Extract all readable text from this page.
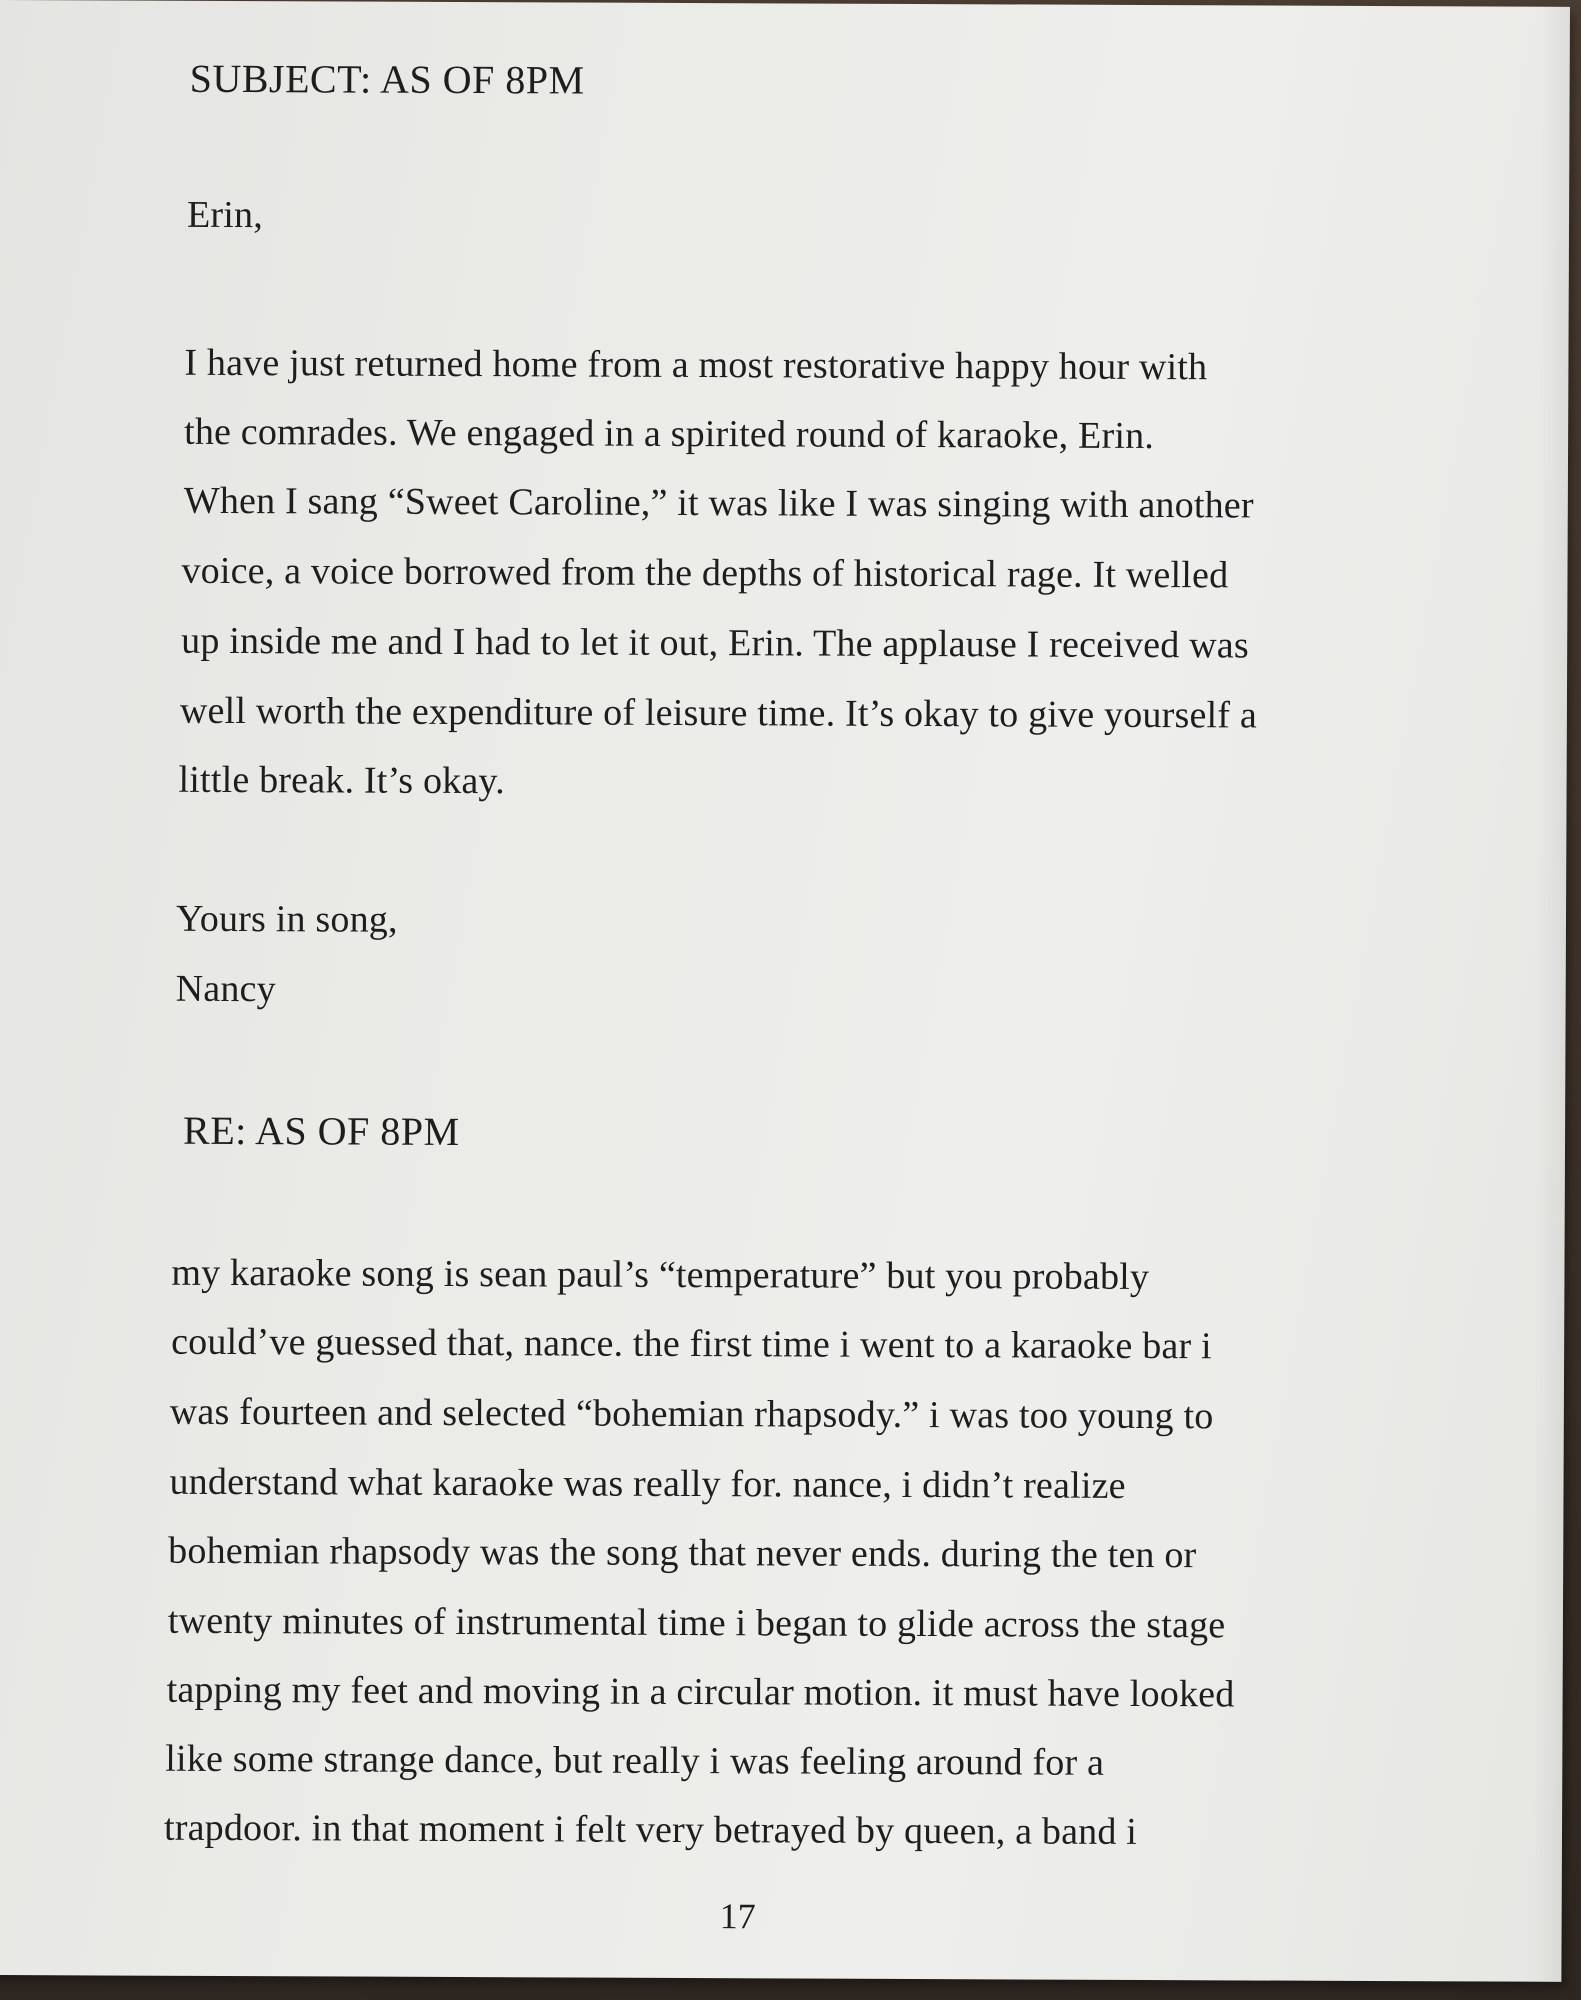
SUBJECT: AS OF 8PM
Erin,
I have just returned home from a most restorative happy hour with
the comrades. We engaged in a spirited round of karaoke, Erin.
When I sang “Sweet Caroline,” it was like I was singing with another
voice, a voice borrowed from the depths of historical rage. It welled
up inside me and I had to let it out, Erin. The applause I received was
well worth the expenditure of leisure time. It’s okay to give yourself a
little break. It’s okay.
Yours in song,
Nancy
RE: AS OF 8PM
my karaoke song is sean paul’s “temperature” but you probably
could’ve guessed that, nance. the first time i went to a karaoke bar i
was fourteen and selected “bohemian rhapsody.” i was too young to
understand what karaoke was really for. nance, i didn’t realize
bohemian rhapsody was the song that never ends. during the ten or
twenty minutes of instrumental time i began to glide across the stage
tapping my feet and moving in a circular motion. it must have looked
like some strange dance, but really i was feeling around for a
trapdoor. in that moment i felt very betrayed by queen, a band i
17
